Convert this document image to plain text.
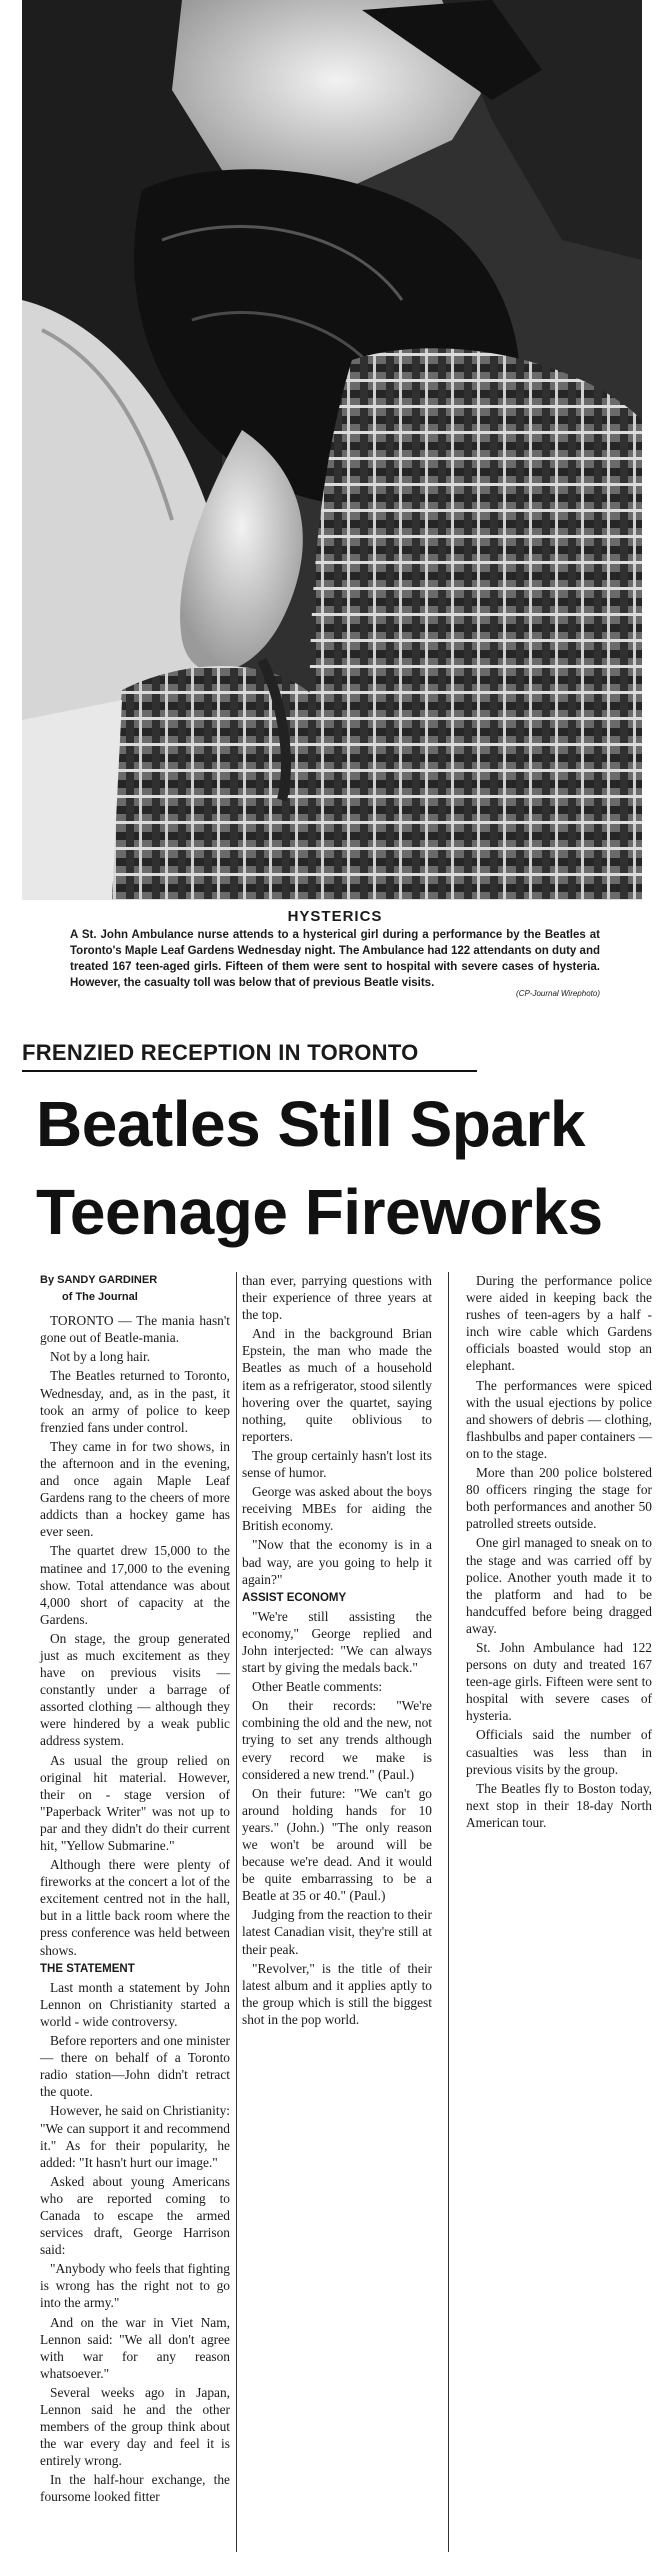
HYSTERICS
A St. John Ambulance nurse attends to a hysterical girl during a performance by the Beatles at Toronto's Maple Leaf Gardens Wednesday night. The Ambulance had 122 attendants on duty and treated 167 teen-aged girls. Fifteen of them were sent to hospital with severe cases of hysteria. However, the casualty toll was below that of previous Beatle visits.
(CP-Journal Wirephoto)
FRENZIED RECEPTION IN TORONTO
Beatles Still Spark
Teenage Fireworks

By SANDY GARDINER

of The Journal

TORONTO — The mania hasn't gone out of Beatle-mania.

Not by a long hair.

The Beatles returned to Toronto, Wednesday, and, as in the past, it took an army of police to keep frenzied fans under control.

They came in for two shows, in the afternoon and in the evening, and once again Maple Leaf Gardens rang to the cheers of more addicts than a hockey game has ever seen.

The quartet drew 15,000 to the matinee and 17,000 to the evening show. Total attendance was about 4,000 short of capacity at the Gardens.

On stage, the group generated just as much excitement as they have on previous visits — constantly under a barrage of assorted clothing — although they were hindered by a weak public address system.

As usual the group relied on original hit material. However, their on - stage version of "Paperback Writer" was not up to par and they didn't do their current hit, "Yellow Submarine."

Although there were plenty of fireworks at the concert a lot of the excitement centred not in the hall, but in a little back room where the press conference was held between shows.

THE STATEMENT

Last month a statement by John Lennon on Christianity started a world - wide controversy.

Before reporters and one minister — there on behalf of a Toronto radio station—John didn't retract the quote.

However, he said on Christianity: "We can support it and recommend it." As for their popularity, he added: "It hasn't hurt our image."

Asked about young Americans who are reported coming to Canada to escape the armed services draft, George Harrison said:

"Anybody who feels that fighting is wrong has the right not to go into the army."

And on the war in Viet Nam, Lennon said: "We all don't agree with war for any reason whatsoever."

Several weeks ago in Japan, Lennon said he and the other members of the group think about the war every day and feel it is entirely wrong.

In the half-hour exchange, the foursome looked fitter

than ever, parrying questions with their experience of three years at the top.

And in the background Brian Epstein, the man who made the Beatles as much of a household item as a refrigerator, stood silently hovering over the quartet, saying nothing, quite oblivious to reporters.

The group certainly hasn't lost its sense of humor.

George was asked about the boys receiving MBEs for aiding the British economy.

"Now that the economy is in a bad way, are you going to help it again?"

ASSIST ECONOMY

"We're still assisting the economy," George replied and John interjected: "We can always start by giving the medals back."

Other Beatle comments:

On their records: "We're combining the old and the new, not trying to set any trends although every record we make is considered a new trend." (Paul.)

On their future: "We can't go around holding hands for 10 years." (John.) "The only reason we won't be around will be because we're dead. And it would be quite embarrassing to be a Beatle at 35 or 40." (Paul.)

Judging from the reaction to their latest Canadian visit, they're still at their peak.

"Revolver," is the title of their latest album and it applies aptly to the group which is still the biggest shot in the pop world.

During the performance police were aided in keeping back the rushes of teen-agers by a half - inch wire cable which Gardens officials boasted would stop an elephant.

The performances were spiced with the usual ejections by police and showers of debris — clothing, flashbulbs and paper containers — on to the stage.

More than 200 police bolstered 80 officers ringing the stage for both performances and another 50 patrolled streets outside.

One girl managed to sneak on to the stage and was carried off by police. Another youth made it to the platform and had to be handcuffed before being dragged away.

St. John Ambulance had 122 persons on duty and treated 167 teen-age girls. Fifteen were sent to hospital with severe cases of hysteria.

Officials said the number of casualties was less than in previous visits by the group.

The Beatles fly to Boston today, next stop in their 18-day North American tour.
